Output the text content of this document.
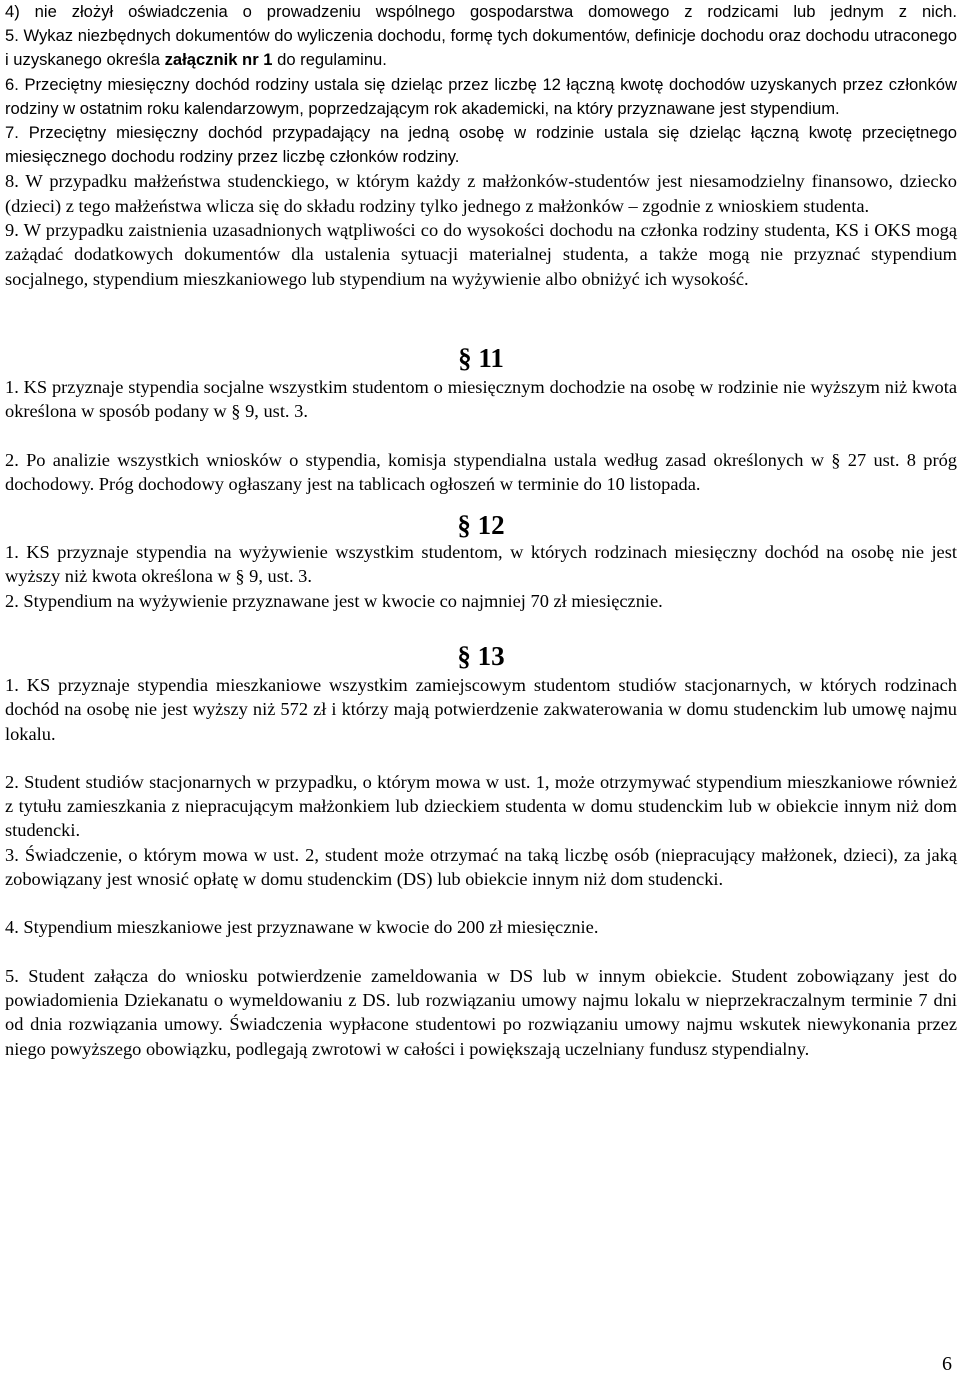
4) nie złożył oświadczenia o prowadzeniu wspólnego gospodarstwa domowego z rodzicami lub jednym z nich.

5. Wykaz niezbędnych dokumentów do wyliczenia dochodu, formę tych dokumentów, definicje dochodu oraz dochodu utraconego i uzyskanego określa załącznik nr 1 do regulaminu.

6. Przeciętny miesięczny dochód rodziny ustala się dzieląc przez liczbę 12 łączną kwotę dochodów uzyskanych przez członków rodziny w ostatnim roku kalendarzowym, poprzedzającym rok akademicki, na który przyznawane jest stypendium.

7. Przeciętny miesięczny dochód przypadający na jedną osobę w rodzinie ustala się dzieląc łączną kwotę przeciętnego miesięcznego dochodu rodziny przez liczbę członków rodziny.

8. W przypadku małżeństwa studenckiego, w którym każdy z małżonków-studentów jest niesamodzielny finansowo, dziecko (dzieci) z tego małżeństwa wlicza się do składu rodziny tylko jednego z małżonków – zgodnie z wnioskiem studenta.

9. W przypadku zaistnienia uzasadnionych wątpliwości co do wysokości dochodu na członka rodziny studenta, KS i OKS mogą zażądać dodatkowych dokumentów dla ustalenia sytuacji materialnej studenta, a także mogą nie przyznać stypendium socjalnego, stypendium mieszkaniowego lub stypendium na wyżywienie albo obniżyć ich wysokość.

§ 11

1. KS przyznaje stypendia socjalne wszystkim studentom o miesięcznym dochodzie na osobę w rodzinie nie wyższym niż kwota określona w sposób podany w § 9, ust. 3.

2. Po analizie wszystkich wniosków o stypendia, komisja stypendialna ustala według zasad określonych w § 27 ust. 8 próg dochodowy. Próg dochodowy ogłaszany jest na tablicach ogłoszeń w terminie do 10 listopada.

§ 12

1. KS przyznaje stypendia na wyżywienie wszystkim studentom, w których rodzinach miesięczny dochód na osobę nie jest wyższy niż kwota określona w § 9, ust. 3.

2. Stypendium na wyżywienie przyznawane jest w kwocie co najmniej 70 zł miesięcznie.

§ 13

1. KS przyznaje stypendia mieszkaniowe wszystkim zamiejscowym studentom studiów stacjonarnych, w których rodzinach dochód na osobę nie jest wyższy niż 572 zł i którzy mają potwierdzenie zakwaterowania w domu studenckim lub umowę najmu lokalu.

2. Student studiów stacjonarnych w przypadku, o którym mowa w ust. 1, może otrzymywać stypendium mieszkaniowe również z tytułu zamieszkania z niepracującym małżonkiem lub dzieckiem studenta w domu studenckim lub w obiekcie innym niż dom studencki.

3. Świadczenie, o którym mowa w ust. 2, student może otrzymać na taką liczbę osób (niepracujący małżonek, dzieci), za jaką zobowiązany jest wnosić opłatę w domu studenckim (DS) lub obiekcie innym niż dom studencki.

4. Stypendium mieszkaniowe jest przyznawane w kwocie do 200 zł miesięcznie.

5. Student załącza do wniosku potwierdzenie zameldowania w DS lub w innym obiekcie. Student zobowiązany jest do powiadomienia Dziekanatu o wymeldowaniu z DS. lub rozwiązaniu umowy najmu lokalu w nieprzekraczalnym terminie 7 dni od dnia rozwiązania umowy. Świadczenia wypłacone studentowi po rozwiązaniu umowy najmu wskutek niewykonania przez niego powyższego obowiązku, podlegają zwrotowi w całości i powiększają uczelniany fundusz stypendialny.

6
